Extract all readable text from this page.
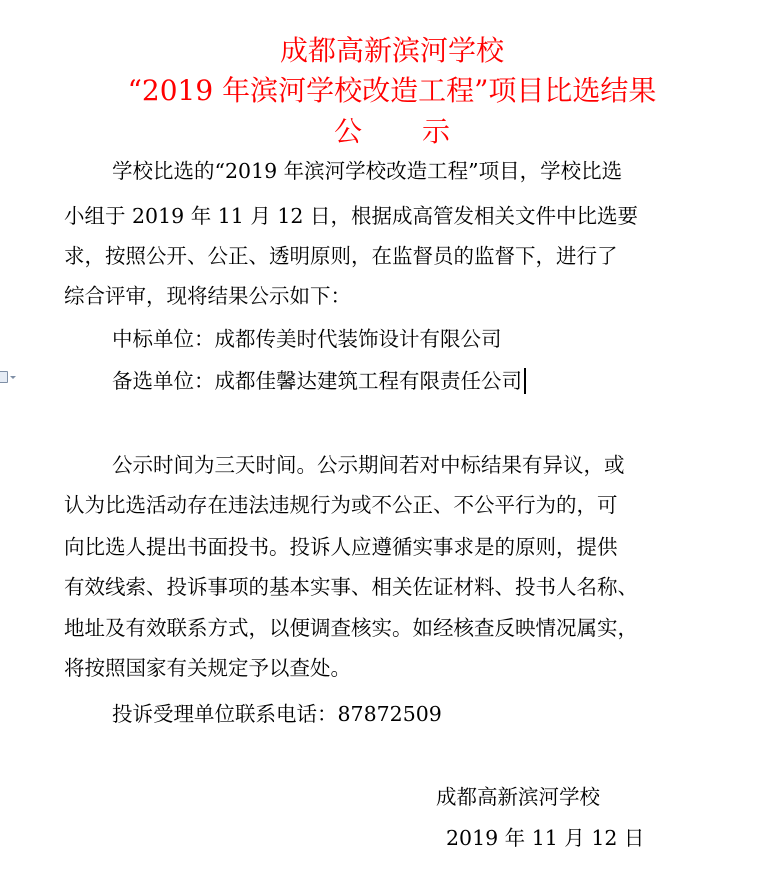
成都高新滨河学校
“2019 年滨河学校改造工程”项目比选结果
公 示
学校比选的“2019 年滨河学校改造工程”项目，学校比选
小组于 2019 年 11 月 12 日，根据成高管发相关文件中比选要
求，按照公开、公正、透明原则，在监督员的监督下，进行了
综合评审，现将结果公示如下：
中标单位：成都传美时代装饰设计有限公司
备选单位：成都佳馨达建筑工程有限责任公司
公示时间为三天时间。公示期间若对中标结果有异议，或
认为比选活动存在违法违规行为或不公正、不公平行为的，可
向比选人提出书面投书。投诉人应遵循实事求是的原则，提供
有效线索、投诉事项的基本实事、相关佐证材料、投书人名称、
地址及有效联系方式，以便调查核实。如经核查反映情况属实，
将按照国家有关规定予以查处。
投诉受理单位联系电话：87872509
成都高新滨河学校
2019 年 11 月 12 日
